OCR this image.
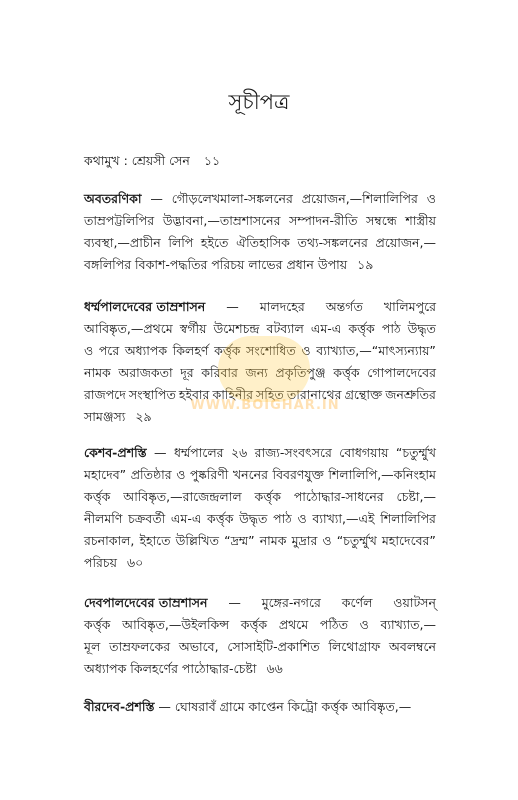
সূচীপত্র
কথামুখ : শ্রেয়সী সেন ১১
অবতরণিকা — গৌড়লেখমালা-সঙ্কলনের প্রয়োজন,—শিলালিপির ও
তাম্রপট্টলিপির উদ্ভাবনা,—তাম্রশাসনের সম্পাদন-রীতি সম্বন্ধে শাস্ত্রীয়
ব্যবস্থা,—প্রাচীন লিপি হইতে ঐতিহাসিক তথ্য-সঙ্কলনের প্রয়োজন,—
বঙ্গলিপির বিকাশ-পদ্ধতির পরিচয় লাভের প্রধান উপায় ১৯
ধর্ম্মপালদেবের তাম্রশাসন — মালদহের অন্তর্গত খালিমপুরে
আবিষ্কৃত,—প্রথমে স্বর্গীয় উমেশচন্দ্র বটব্যাল এম-এ কর্ত্তৃক পাঠ উদ্ধৃত
ও পরে অধ্যাপক কিলহর্ণ কর্ত্তৃক সংশোধিত ও ব্যাখ্যাত,—“মাৎস্যন্যায়”
নামক অরাজকতা দূর করিবার জন্য প্রকৃতিপুঞ্জ কর্ত্তৃক গোপালদেবের
রাজপদে সংস্থাপিত হইবার কাহিনীর সহিত তারানাথের গ্রন্থোক্ত জনশ্রুতির
সামঞ্জস্য ২৯
কেশব-প্রশস্তি — ধর্ম্মপালের ২৬ রাজ্য-সংবৎসরে বোধগয়ায় “চতুর্ম্মুখ
মহাদেব” প্রতিষ্ঠার ও পুষ্করিণী খননের বিবরণযুক্ত শিলালিপি,—কনিংহাম
কর্ত্তৃক আবিষ্কৃত,—রাজেন্দ্রলাল কর্ত্তৃক পাঠোদ্ধার-সাধনের চেষ্টা,—
নীলমণি চক্রবর্তী এম-এ কর্ত্তৃক উদ্ধৃত পাঠ ও ব্যাখ্যা,—এই শিলালিপির
রচনাকাল, ইহাতে উল্লিখিত “দ্রম্ম” নামক মুদ্রার ও “চতুর্ম্মুখ মহাদেবের”
পরিচয় ৬০
দেবপালদেবের তাম্রশাসন — মুঙ্গের-নগরে কর্ণেল ওয়াটসন্
কর্ত্তৃক আবিষ্কৃত,—উইলকিন্স কর্ত্তৃক প্রথমে পঠিত ও ব্যাখ্যাত,—
মূল তাম্রফলকের অভাবে, সোসাইটি-প্রকাশিত লিথোগ্রাফ অবলম্বনে
অধ্যাপক কিলহর্ণের পাঠোদ্ধার-চেষ্টা ৬৬
বীরদেব-প্রশস্তি — ঘোষরাবঁ গ্রামে কাপ্তেন কিট্রো কর্ত্তৃক আবিষ্কৃত,—
WWW.BOIGHAR.IN
